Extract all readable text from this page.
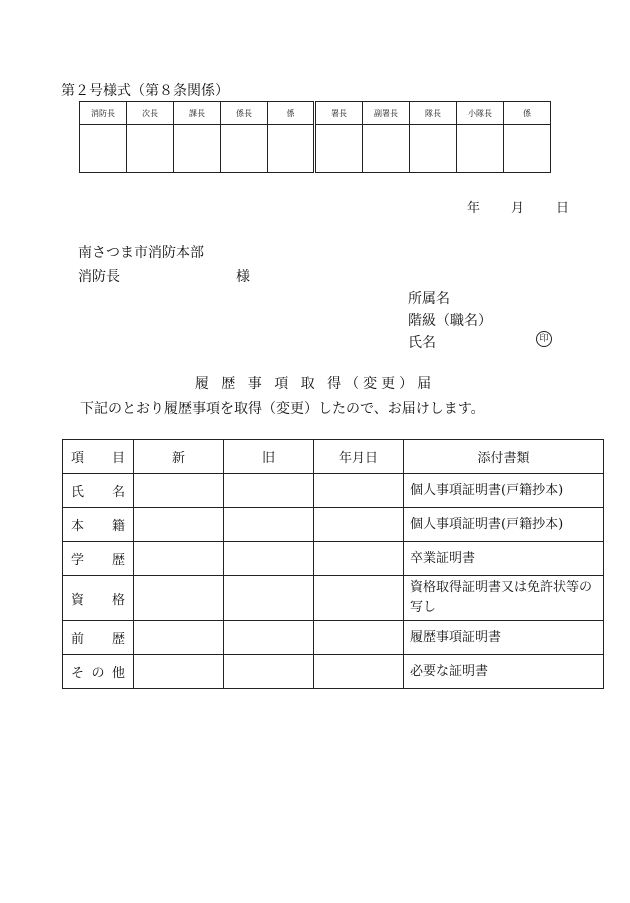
第２号様式（第８条関係）
消防長	次長	課長	係長	係	署長	副署長	隊長	小隊長	係

年 月 日
南さつま市消防本部
消防長	様
所属名
階級（職名）
氏名	印
履 歴 事 項 取 得（変更）届
下記のとおり履歴事項を取得（変更）したので、お届けします。
項　　目	新	旧	年月日	添付書類
氏　　名				個人事項証明書(戸籍抄本)
本　　籍				個人事項証明書(戸籍抄本)
学　　歴				卒業証明書
資　　格				資格取得証明書又は免許状等の写し
前　　歴				履歴事項証明書
そ の 他				必要な証明書
